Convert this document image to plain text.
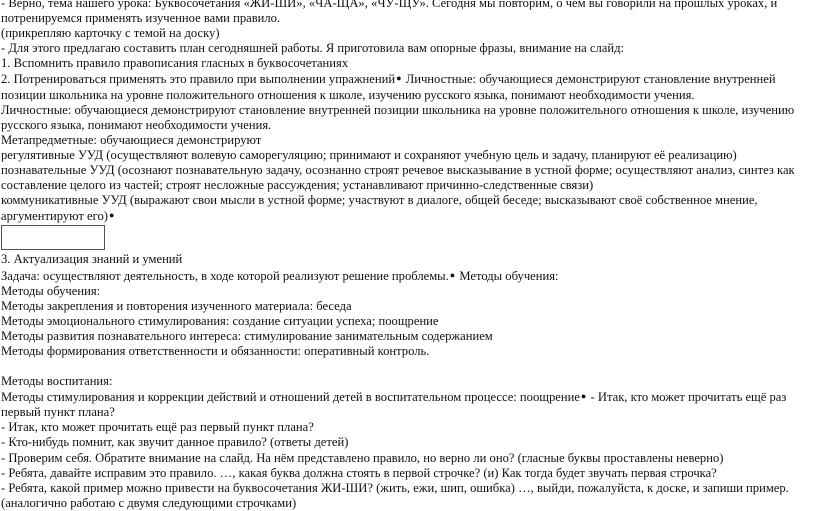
- Верно, тема нашего урока: Буквосочетания «ЖИ-ШИ», «ЧА-ЩА», «ЧУ-ЩУ». Сегодня мы повторим, о чём вы говорили на прошлых уроках, и потренируемся применять изученное вами правило.

(прикрепляю карточку с темой на доску)

- Для этого предлагаю составить план сегодняшней работы. Я приготовила вам опорные фразы, внимание на слайд:

1. Вспомнить правило правописания гласных в буквосочетаниях

2. Потренироваться применять это правило при выполнении упражнений● Личностные: обучающиеся демонстрируют становление внутренней позиции школьника на уровне положительного отношения к школе, изучению русского языка, понимают необходимости учения.

Личностные: обучающиеся демонстрируют становление внутренней позиции школьника на уровне положительного отношения к школе, изучению русского языка, понимают необходимости учения.

Метапредметные: обучающиеся демонстрируют

регулятивные УУД (осуществляют волевую саморегуляцию; принимают и сохраняют учебную цель и задачу, планируют её реализацию)

познавательные УУД (осознают познавательную задачу, осознанно строят речевое высказывание в устной форме; осуществляют анализ, синтез как составление целого из частей; строят несложные рассуждения; устанавливают причинно-следственные связи)

коммуникативные УУД (выражают свои мысли в устной форме; участвуют в диалоге, общей беседе; высказывают своё собственное мнение, аргументируют его)●

3. Актуализация знаний и умений

Задача: осуществляют деятельность, в ходе которой реализуют решение проблемы.● Методы обучения:

Методы обучения:

Методы закрепления и повторения изученного материала: беседа

Методы эмоционального стимулирования: создание ситуации успеха; поощрение

Методы развития познавательного интереса: стимулирование занимательным содержанием

Методы формирования ответственности и обязанности: оперативный контроль.

Методы воспитания:

Методы стимулирования и коррекции действий и отношений детей в воспитательном процессе: поощрение● - Итак, кто может прочитать ещё раз первый пункт плана?

- Итак, кто может прочитать ещё раз первый пункт плана?

- Кто-нибудь помнит, как звучит данное правило? (ответы детей)

- Проверим себя. Обратите внимание на слайд. На нём представлено правило, но верно ли оно? (гласные буквы проставлены неверно)

- Ребята, давайте исправим это правило. …, какая буква должна стоять в первой строчке? (и) Как тогда будет звучать первая строчка?

- Ребята, какой пример можно привести на буквосочетания ЖИ-ШИ? (жить, ежи, шип, ошибка) …, выйди, пожалуйста, к доске, и запиши пример.

(аналогично работаю с двумя следующими строчками)
